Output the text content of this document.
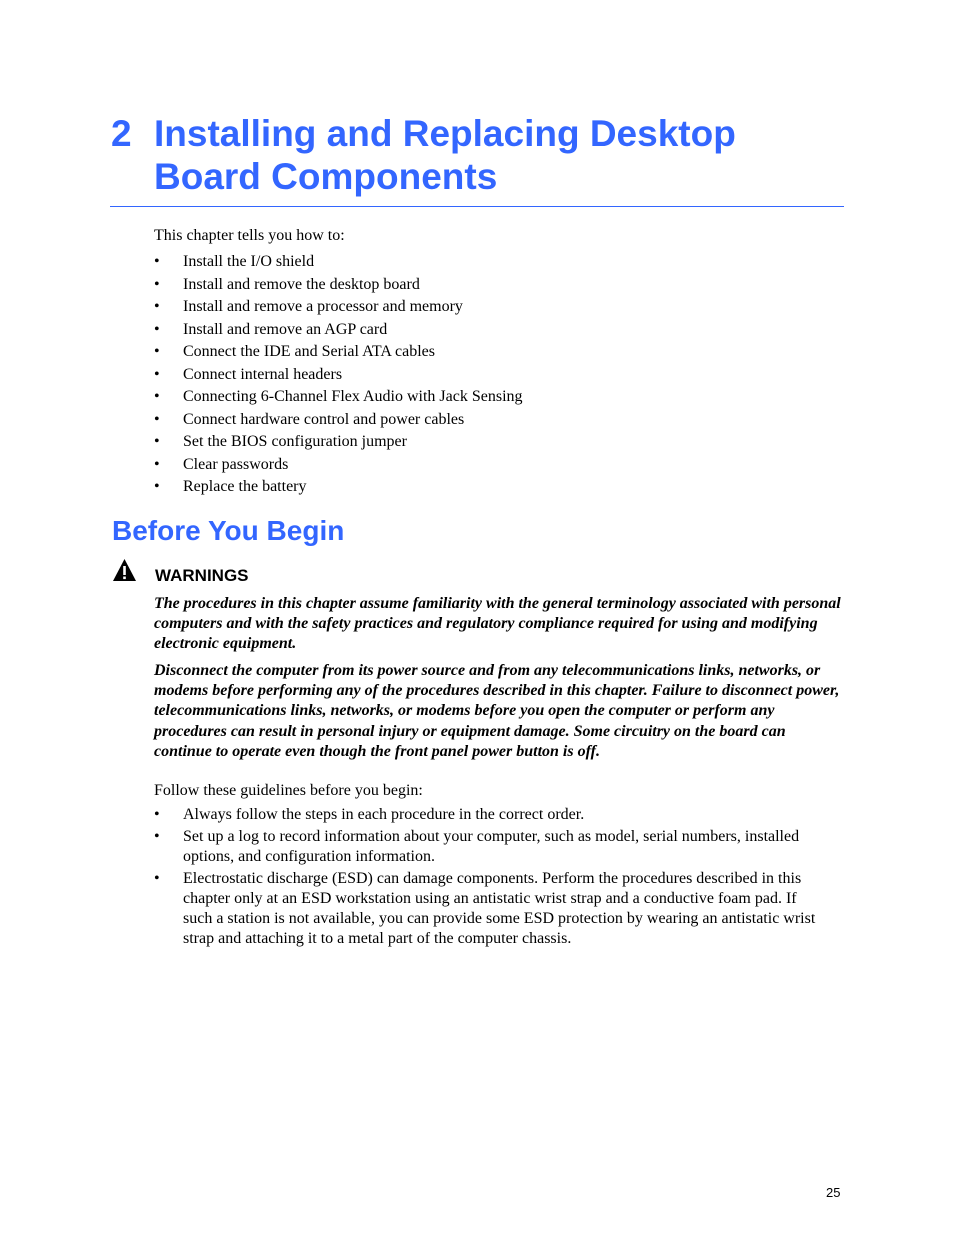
2 Installing and Replacing Desktop Board Components
This chapter tells you how to:
• Install the I/O shield
• Install and remove the desktop board
• Install and remove a processor and memory
• Install and remove an AGP card
• Connect the IDE and Serial ATA cables
• Connect internal headers
• Connecting 6-Channel Flex Audio with Jack Sensing
• Connect hardware control and power cables
• Set the BIOS configuration jumper
• Clear passwords
• Replace the battery
Before You Begin
WARNINGS
The procedures in this chapter assume familiarity with the general terminology associated with personal computers and with the safety practices and regulatory compliance required for using and modifying electronic equipment.
Disconnect the computer from its power source and from any telecommunications links, networks, or modems before performing any of the procedures described in this chapter. Failure to disconnect power, telecommunications links, networks, or modems before you open the computer or perform any procedures can result in personal injury or equipment damage. Some circuitry on the board can continue to operate even though the front panel power button is off.
Follow these guidelines before you begin:
• Always follow the steps in each procedure in the correct order.
• Set up a log to record information about your computer, such as model, serial numbers, installed options, and configuration information.
• Electrostatic discharge (ESD) can damage components. Perform the procedures described in this chapter only at an ESD workstation using an antistatic wrist strap and a conductive foam pad. If such a station is not available, you can provide some ESD protection by wearing an antistatic wrist strap and attaching it to a metal part of the computer chassis.
25
